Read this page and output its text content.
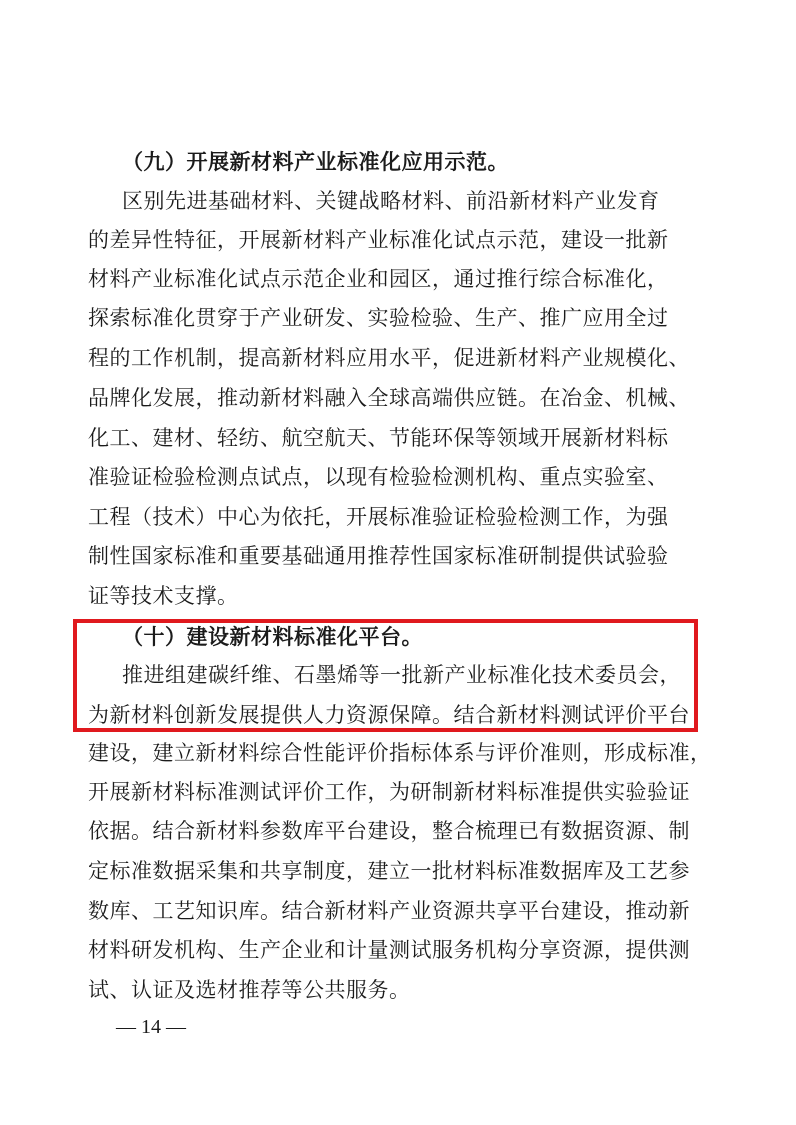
（九）开展新材料产业标准化应用示范。
区别先进基础材料、关键战略材料、前沿新材料产业发育
的差异性特征，开展新材料产业标准化试点示范，建设一批新
材料产业标准化试点示范企业和园区，通过推行综合标准化，
探索标准化贯穿于产业研发、实验检验、生产、推广应用全过
程的工作机制，提高新材料应用水平，促进新材料产业规模化、
品牌化发展，推动新材料融入全球高端供应链。在冶金、机械、
化工、建材、轻纺、航空航天、节能环保等领域开展新材料标
准验证检验检测点试点，以现有检验检测机构、重点实验室、
工程（技术）中心为依托，开展标准验证检验检测工作，为强
制性国家标准和重要基础通用推荐性国家标准研制提供试验验
证等技术支撑。
（十）建设新材料标准化平台。
推进组建碳纤维、石墨烯等一批新产业标准化技术委员会，
为新材料创新发展提供人力资源保障。结合新材料测试评价平台
建设，建立新材料综合性能评价指标体系与评价准则，形成标准，
开展新材料标准测试评价工作，为研制新材料标准提供实验验证
依据。结合新材料参数库平台建设，整合梳理已有数据资源、制
定标准数据采集和共享制度，建立一批材料标准数据库及工艺参
数库、工艺知识库。结合新材料产业资源共享平台建设，推动新
材料研发机构、生产企业和计量测试服务机构分享资源，提供测
试、认证及选材推荐等公共服务。
— 14 —
